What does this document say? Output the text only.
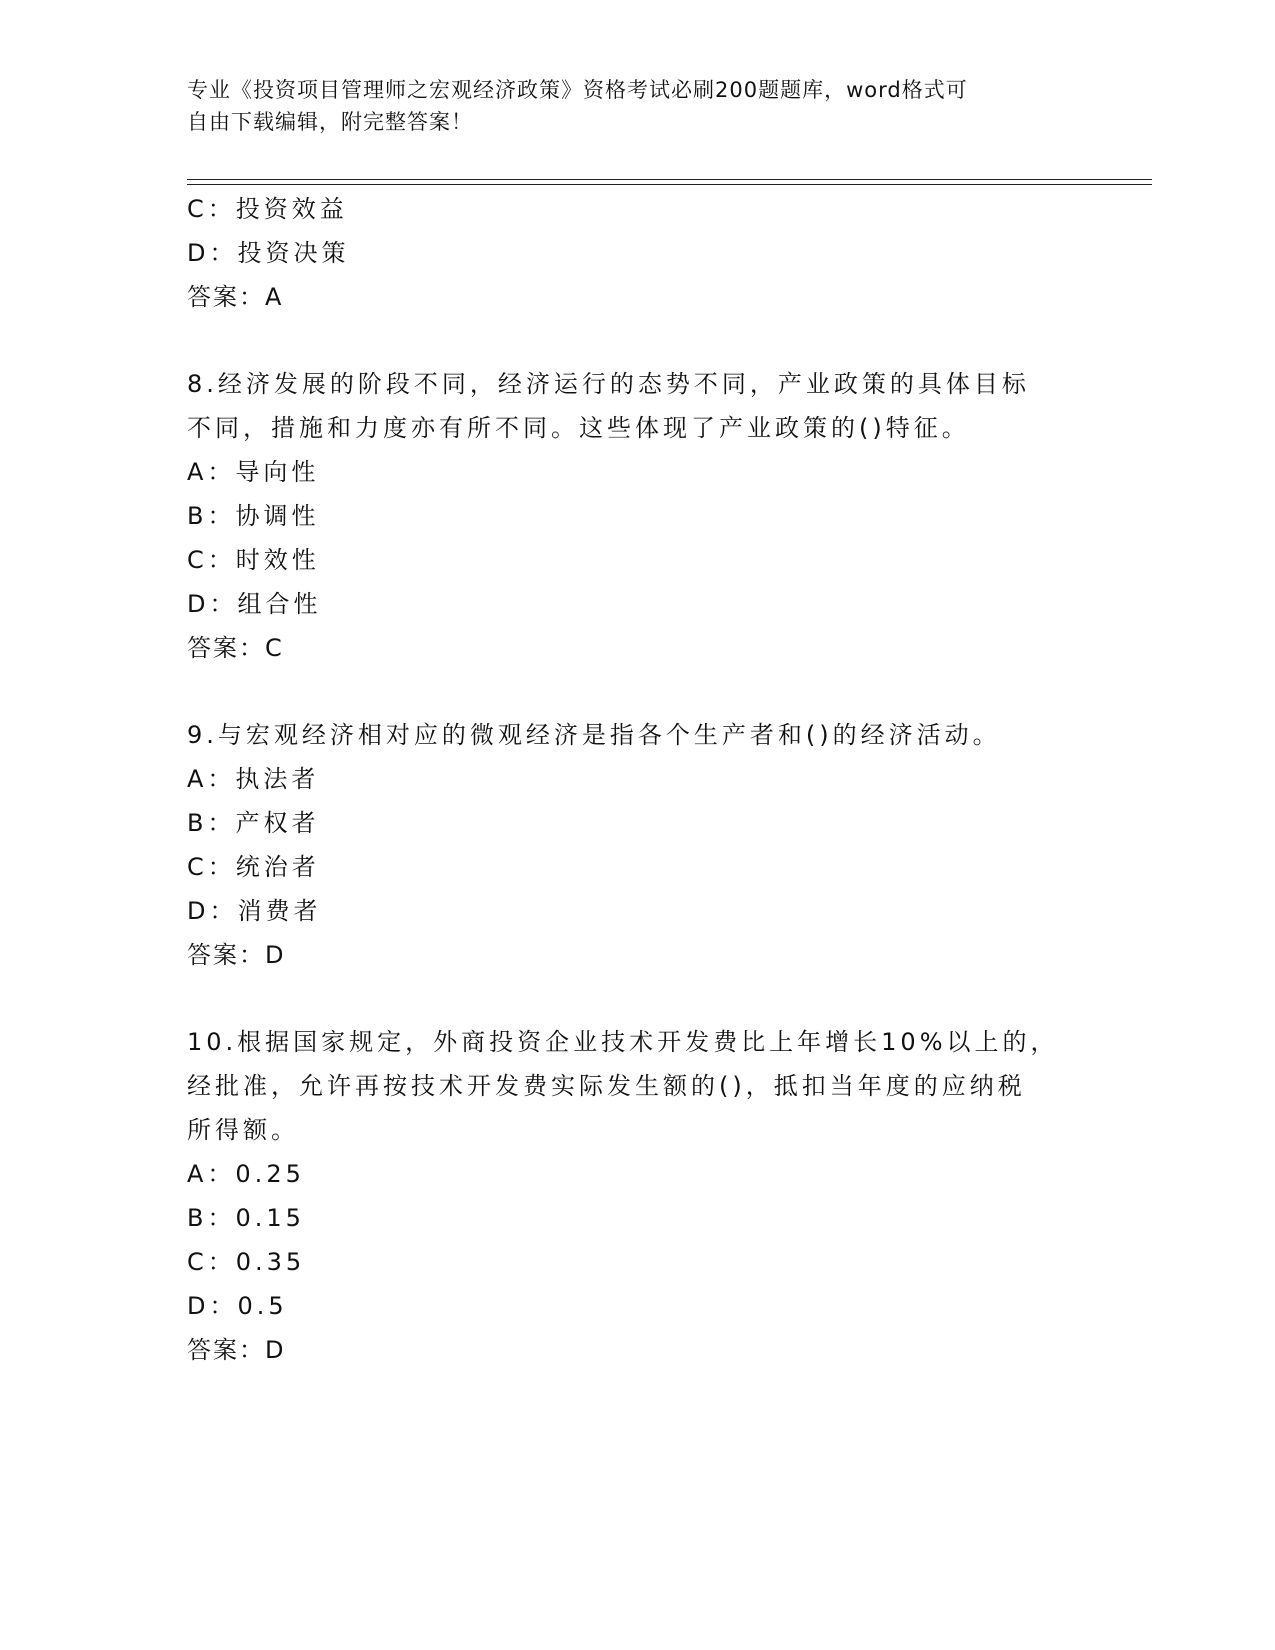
专业《投资项目管理师之宏观经济政策》资格考试必刷200题题库，word格式可
自由下载编辑，附完整答案！
C：投资效益
D：投资决策
答案：A
8.经济发展的阶段不同，经济运行的态势不同，产业政策的具体目标
不同，措施和力度亦有所不同。这些体现了产业政策的()特征。
A：导向性
B：协调性
C：时效性
D：组合性
答案：C
9.与宏观经济相对应的微观经济是指各个生产者和()的经济活动。
A：执法者
B：产权者
C：统治者
D：消费者
答案：D
10.根据国家规定，外商投资企业技术开发费比上年增长10%以上的，
经批准，允许再按技术开发费实际发生额的()，抵扣当年度的应纳税
所得额。
A：0.25
B：0.15
C：0.35
D：0.5
答案：D
